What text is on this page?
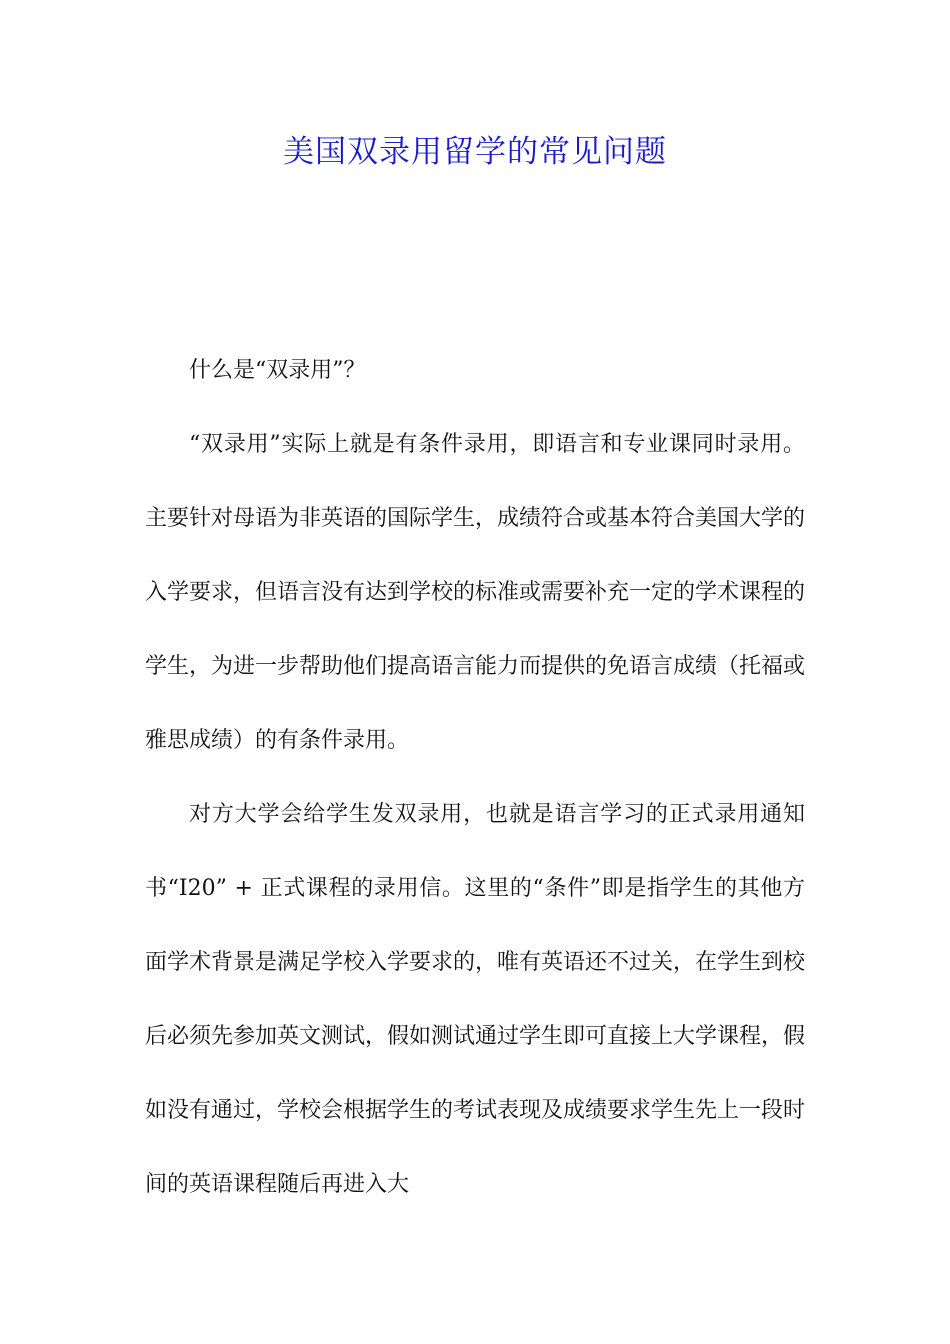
美国双录用留学的常见问题

什么是“双录用”？

“双录用”实际上就是有条件录用，即语言和专业课同时录用。主要针对母语为非英语的国际学生，成绩符合或基本符合美国大学的入学要求，但语言没有达到学校的标准或需要补充一定的学术课程的学生，为进一步帮助他们提高语言能力而提供的免语言成绩（托福或雅思成绩）的有条件录用。

对方大学会给学生发双录用，也就是语言学习的正式录用通知书“I20” + 正式课程的录用信。这里的“条件”即是指学生的其他方面学术背景是满足学校入学要求的，唯有英语还不过关，在学生到校后必须先参加英文测试，假如测试通过学生即可直接上大学课程，假如没有通过，学校会根据学生的考试表现及成绩要求学生先上一段时间的英语课程随后再进入大
